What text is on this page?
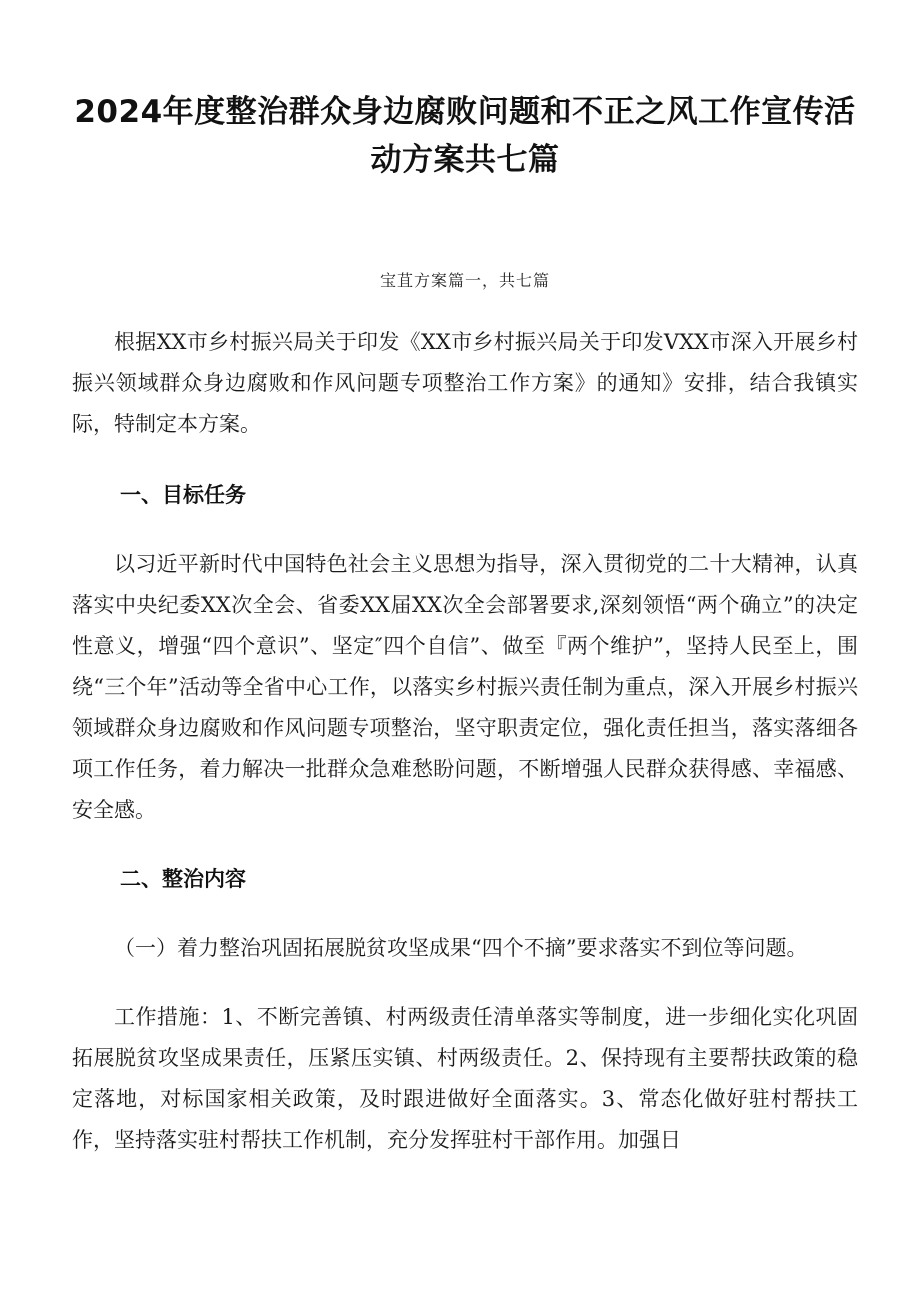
2024年度整治群众身边腐败问题和不正之风工作宣传活动方案共七篇

宝苴方案篇一，共七篇

根据XX市乡村振兴局关于印发《XX市乡村振兴局关于印发VXX市深入开展乡村振兴领域群众身边腐败和作风问题专项整治工作方案》的通知》安排，结合我镇实际，特制定本方案。

一、目标任务

以习近平新时代中国特色社会主义思想为指导，深入贯彻党的二十大精神，认真落实中央纪委XX次全会、省委XX届XX次全会部署要求,深刻领悟“两个确立”的决定性意义，增强“四个意识”、坚定″四个自信”、做至『两个维护”，坚持人民至上，围绕“三个年”活动等全省中心工作，以落实乡村振兴责任制为重点，深入开展乡村振兴领域群众身边腐败和作风问题专项整治，坚守职责定位，强化责任担当，落实落细各项工作任务，着力解决一批群众急难愁盼问题，不断增强人民群众获得感、幸福感、安全感。

二、整治内容

（一）着力整治巩固拓展脱贫攻坚成果“四个不摘”要求落实不到位等问题。

工作措施：1、不断完善镇、村两级责任清单落实等制度，进一步细化实化巩固拓展脱贫攻坚成果责任，压紧压实镇、村两级责任。2、保持现有主要帮扶政策的稳定落地，对标国家相关政策，及时跟进做好全面落实。3、常态化做好驻村帮扶工作，坚持落实驻村帮扶工作机制，充分发挥驻村干部作用。加强日
